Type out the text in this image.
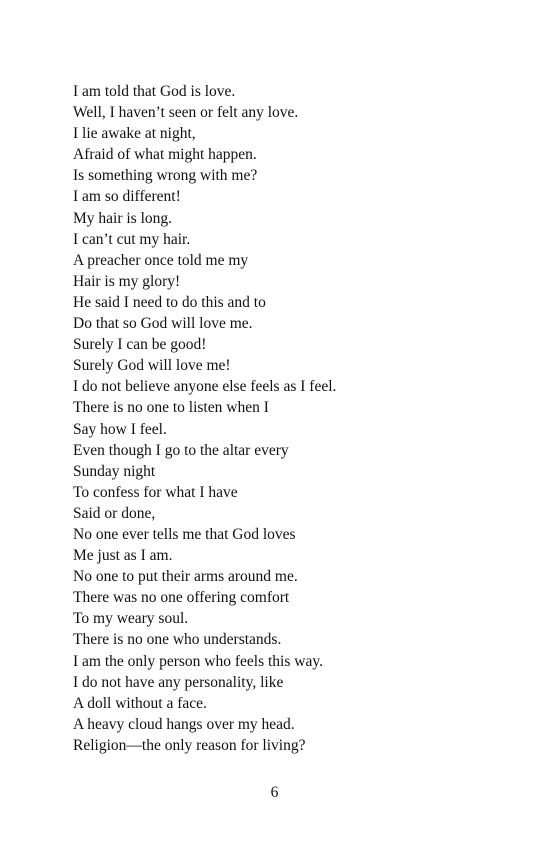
I am told that God is love.
Well, I haven’t seen or felt any love.
I lie awake at night,
Afraid of what might happen.
Is something wrong with me?
I am so different!
My hair is long.
I can’t cut my hair.
A preacher once told me my
Hair is my glory!
He said I need to do this and to
Do that so God will love me.
Surely I can be good!
Surely God will love me!
I do not believe anyone else feels as I feel.
There is no one to listen when I
Say how I feel.
Even though I go to the altar every
Sunday night
To confess for what I have
Said or done,
No one ever tells me that God loves
Me just as I am.
No one to put their arms around me.
There was no one offering comfort
To my weary soul.
There is no one who understands.
I am the only person who feels this way.
I do not have any personality, like
A doll without a face.
A heavy cloud hangs over my head.
Religion—the only reason for living?
6
